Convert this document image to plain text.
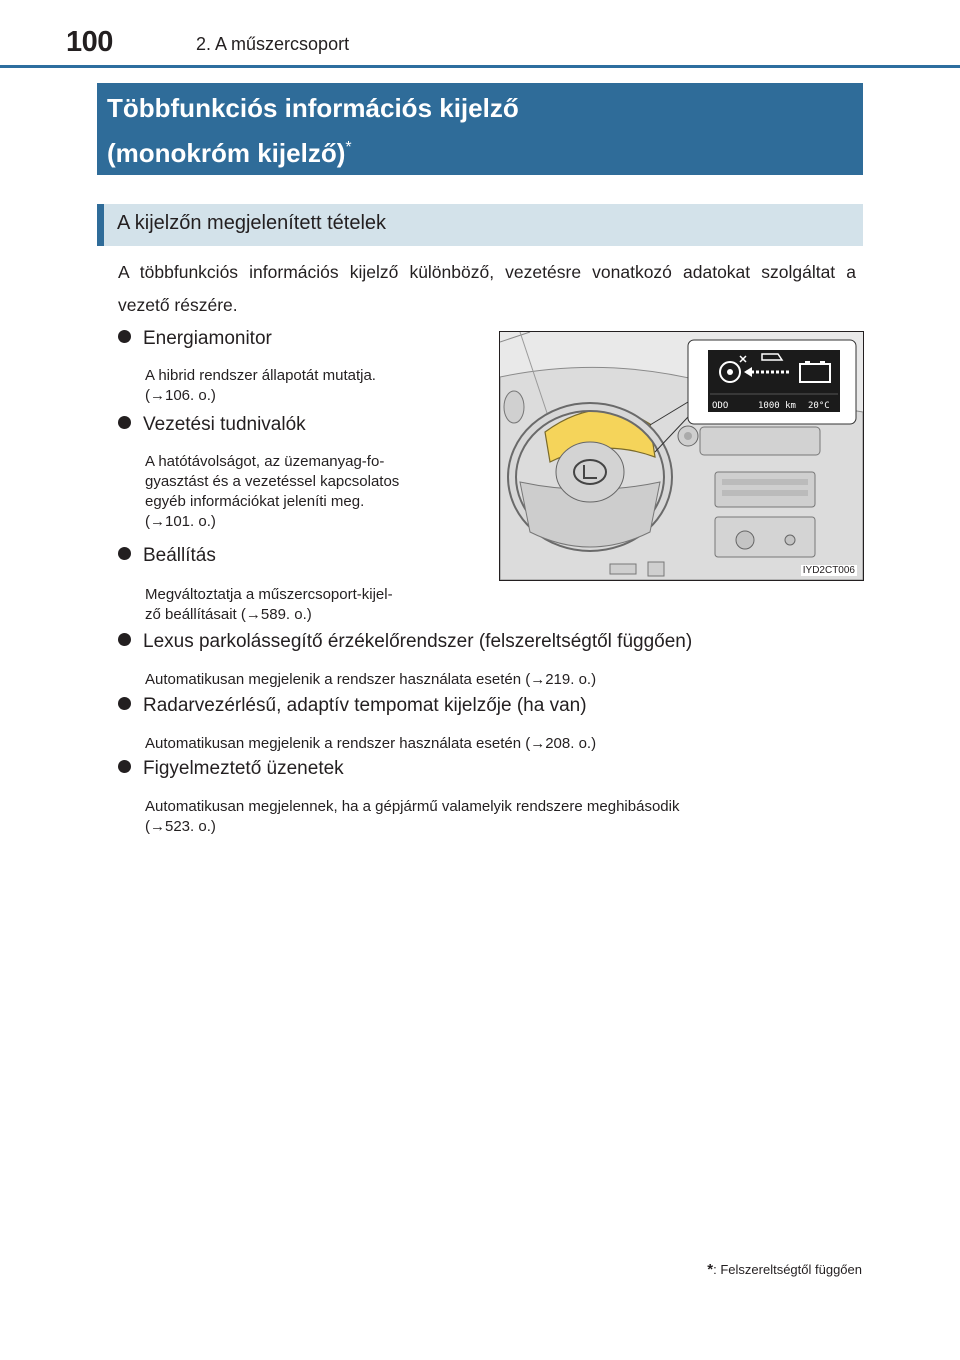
100	2. A műszercsoport
Többfunkciós információs kijelző
(monokróm kijelző)*
A kijelzőn megjelenített tételek
A többfunkciós információs kijelző különböző, vezetésre vonatkozó adatokat szolgáltat a vezető részére.
Energiamonitor
A hibrid rendszer állapotát mutatja.
(→106. o.)
Vezetési tudnivalók
A hatótávolságot, az üzemanyag-fo-
gyasztást és a vezetéssel kapcsolatos
egyéb információkat jeleníti meg.
(→101. o.)
Beállítás
Megváltoztatja a műszercsoport-kijel-
ző beállításait (→589. o.)
Lexus parkolássegítő érzékelőrendszer (felszereltségtől függően)
Automatikusan megjelenik a rendszer használata esetén (→219. o.)
Radarvezérlésű, adaptív tempomat kijelzője (ha van)
Automatikusan megjelenik a rendszer használata esetén (→208. o.)
Figyelmeztető üzenetek
Automatikusan megjelennek, ha a gépjármű valamelyik rendszere meghibásodik
(→523. o.)
ODO	1000 km 20°C
IYD2CT006
*: Felszereltségtől függően
